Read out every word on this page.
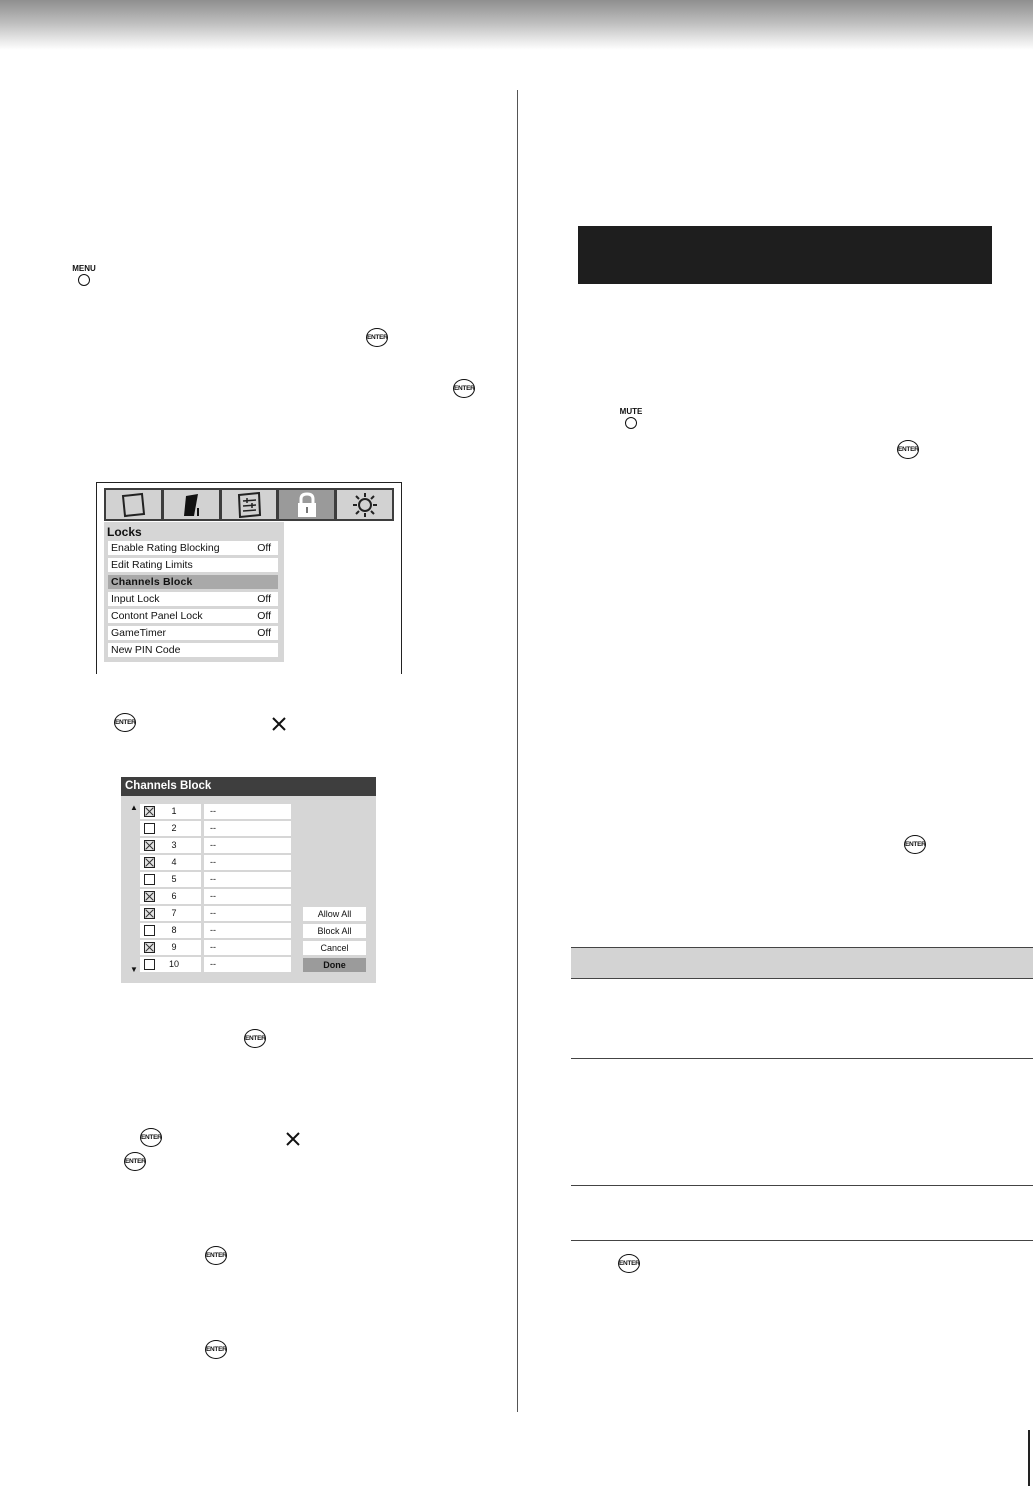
MENU
ENTER
ENTER
Locks
Enable Rating Blocking	Off
Edit Rating Limits
Channels Block
Input Lock	Off
Contont Panel Lock	Off
GameTimer	Off
New PIN Code
ENTER
Channels Block
▲
▼
1	--
2	--
3	--
4	--
5	--
6	--
7	--
8	--
9	--
10	--
Allow All
Block All
Cancel
Done
ENTER
ENTER
ENTER
ENTER
ENTER
MUTE
ENTER
ENTER
ENTER
